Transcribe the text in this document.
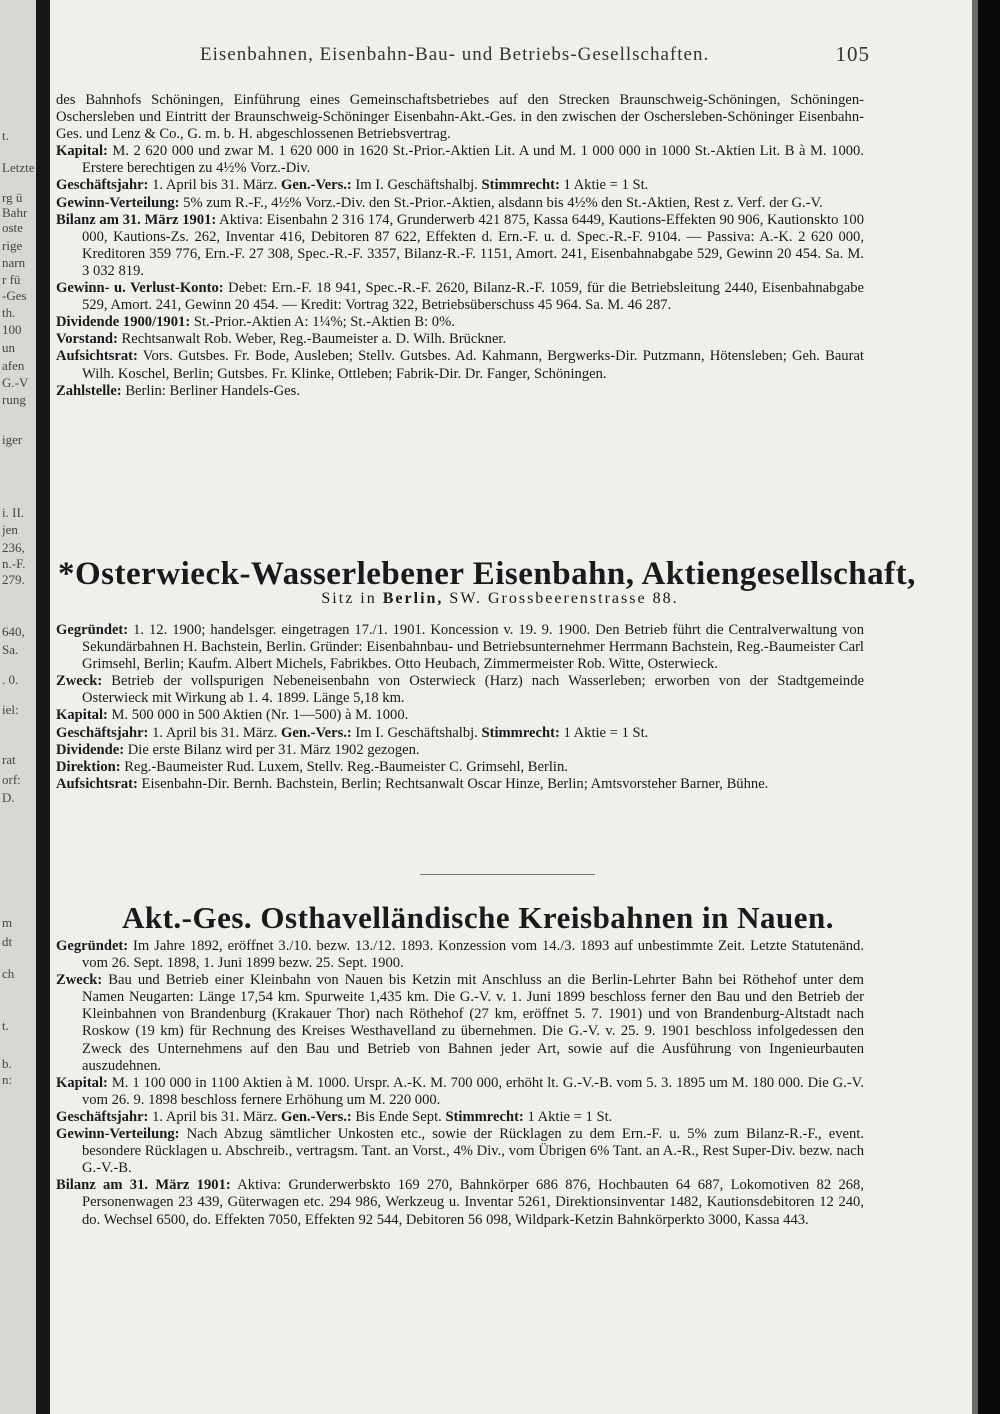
t.
Letzte
rg ü
Bahr
oste
rige
narn
r fü
-Ges
th.
100
un
afen
G.-V
rung
iger
i. II.
jen
236,
n.-F.
279.
640,
Sa.
. 0.
iel:
rat
orf:
D.
m
dt
ch
t.
b.
n:
Eisenbahnen, Eisenbahn-Bau- und Betriebs-Gesellschaften.	105

des Bahnhofs Schöningen, Einführung eines Gemeinschaftsbetriebes auf den Strecken Braunschweig-Schöningen, Schöningen-Oschersleben und Eintritt der Braunschweig-Schöninger Eisenbahn-Akt.-Ges. in den zwischen der Oschersleben-Schöninger Eisenbahn-Ges. und Lenz & Co., G. m. b. H. abgeschlossenen Betriebsvertrag.

Kapital: M. 2 620 000 und zwar M. 1 620 000 in 1620 St.-Prior.-Aktien Lit. A und M. 1 000 000 in 1000 St.-Aktien Lit. B à M. 1000. Erstere berechtigen zu 4½% Vorz.-Div.

Geschäftsjahr: 1. April bis 31. März. Gen.-Vers.: Im I. Geschäftshalbj. Stimmrecht: 1 Aktie = 1 St.

Gewinn-Verteilung: 5% zum R.-F., 4½% Vorz.-Div. den St.-Prior.-Aktien, alsdann bis 4½% den St.-Aktien, Rest z. Verf. der G.-V.

Bilanz am 31. März 1901: Aktiva: Eisenbahn 2 316 174, Grunderwerb 421 875, Kassa 6449, Kautions-Effekten 90 906, Kautionskto 100 000, Kautions-Zs. 262, Inventar 416, Debitoren 87 622, Effekten d. Ern.-F. u. d. Spec.-R.-F. 9104. — Passiva: A.-K. 2 620 000, Kreditoren 359 776, Ern.-F. 27 308, Spec.-R.-F. 3357, Bilanz-R.-F. 1151, Amort. 241, Eisenbahnabgabe 529, Gewinn 20 454. Sa. M. 3 032 819.

Gewinn- u. Verlust-Konto: Debet: Ern.-F. 18 941, Spec.-R.-F. 2620, Bilanz-R.-F. 1059, für die Betriebsleitung 2440, Eisenbahnabgabe 529, Amort. 241, Gewinn 20 454. — Kredit: Vortrag 322, Betriebsüberschuss 45 964. Sa. M. 46 287.

Dividende 1900/1901: St.-Prior.-Aktien A: 1¼%; St.-Aktien B: 0%.

Vorstand: Rechtsanwalt Rob. Weber, Reg.-Baumeister a. D. Wilh. Brückner.

Aufsichtsrat: Vors. Gutsbes. Fr. Bode, Ausleben; Stellv. Gutsbes. Ad. Kahmann, Bergwerks-Dir. Putzmann, Hötensleben; Geh. Baurat Wilh. Koschel, Berlin; Gutsbes. Fr. Klinke, Ottleben; Fabrik-Dir. Dr. Fanger, Schöningen.

Zahlstelle: Berlin: Berliner Handels-Ges.

*Osterwieck-Wasserlebener Eisenbahn, Aktiengesellschaft,
Sitz in Berlin, SW. Grossbeerenstrasse 88.

Gegründet: 1. 12. 1900; handelsger. eingetragen 17./1. 1901. Koncession v. 19. 9. 1900. Den Betrieb führt die Centralverwaltung von Sekundärbahnen H. Bachstein, Berlin. Gründer: Eisenbahnbau- und Betriebsunternehmer Herrmann Bachstein, Reg.-Baumeister Carl Grimsehl, Berlin; Kaufm. Albert Michels, Fabrikbes. Otto Heubach, Zimmermeister Rob. Witte, Osterwieck.

Zweck: Betrieb der vollspurigen Nebeneisenbahn von Osterwieck (Harz) nach Wasserleben; erworben von der Stadtgemeinde Osterwieck mit Wirkung ab 1. 4. 1899. Länge 5,18 km.

Kapital: M. 500 000 in 500 Aktien (Nr. 1—500) à M. 1000.

Geschäftsjahr: 1. April bis 31. März. Gen.-Vers.: Im I. Geschäftshalbj. Stimmrecht: 1 Aktie = 1 St.

Dividende: Die erste Bilanz wird per 31. März 1902 gezogen.

Direktion: Reg.-Baumeister Rud. Luxem, Stellv. Reg.-Baumeister C. Grimsehl, Berlin.

Aufsichtsrat: Eisenbahn-Dir. Bernh. Bachstein, Berlin; Rechtsanwalt Oscar Hinze, Berlin; Amtsvorsteher Barner, Bühne.

Akt.-Ges. Osthavelländische Kreisbahnen in Nauen.

Gegründet: Im Jahre 1892, eröffnet 3./10. bezw. 13./12. 1893. Konzession vom 14./3. 1893 auf unbestimmte Zeit. Letzte Statutenänd. vom 26. Sept. 1898, 1. Juni 1899 bezw. 25. Sept. 1900.

Zweck: Bau und Betrieb einer Kleinbahn von Nauen bis Ketzin mit Anschluss an die Berlin-Lehrter Bahn bei Röthehof unter dem Namen Neugarten: Länge 17,54 km. Spurweite 1,435 km. Die G.-V. v. 1. Juni 1899 beschloss ferner den Bau und den Betrieb der Kleinbahnen von Brandenburg (Krakauer Thor) nach Röthehof (27 km, eröffnet 5. 7. 1901) und von Brandenburg-Altstadt nach Roskow (19 km) für Rechnung des Kreises Westhavelland zu übernehmen. Die G.-V. v. 25. 9. 1901 beschloss infolgedessen den Zweck des Unternehmens auf den Bau und Betrieb von Bahnen jeder Art, sowie auf die Ausführung von Ingenieurbauten auszudehnen.

Kapital: M. 1 100 000 in 1100 Aktien à M. 1000. Urspr. A.-K. M. 700 000, erhöht lt. G.-V.-B. vom 5. 3. 1895 um M. 180 000. Die G.-V. vom 26. 9. 1898 beschloss fernere Erhöhung um M. 220 000.

Geschäftsjahr: 1. April bis 31. März. Gen.-Vers.: Bis Ende Sept. Stimmrecht: 1 Aktie = 1 St.

Gewinn-Verteilung: Nach Abzug sämtlicher Unkosten etc., sowie der Rücklagen zu dem Ern.-F. u. 5% zum Bilanz-R.-F., event. besondere Rücklagen u. Abschreib., vertragsm. Tant. an Vorst., 4% Div., vom Übrigen 6% Tant. an A.-R., Rest Super-Div. bezw. nach G.-V.-B.

Bilanz am 31. März 1901: Aktiva: Grunderwerbskto 169 270, Bahnkörper 686 876, Hochbauten 64 687, Lokomotiven 82 268, Personenwagen 23 439, Güterwagen etc. 294 986, Werkzeug u. Inventar 5261, Direktionsinventar 1482, Kautionsdebitoren 12 240, do. Wechsel 6500, do. Effekten 7050, Effekten 92 544, Debitoren 56 098, Wildpark-Ketzin Bahnkörperkto 3000, Kassa 443.
